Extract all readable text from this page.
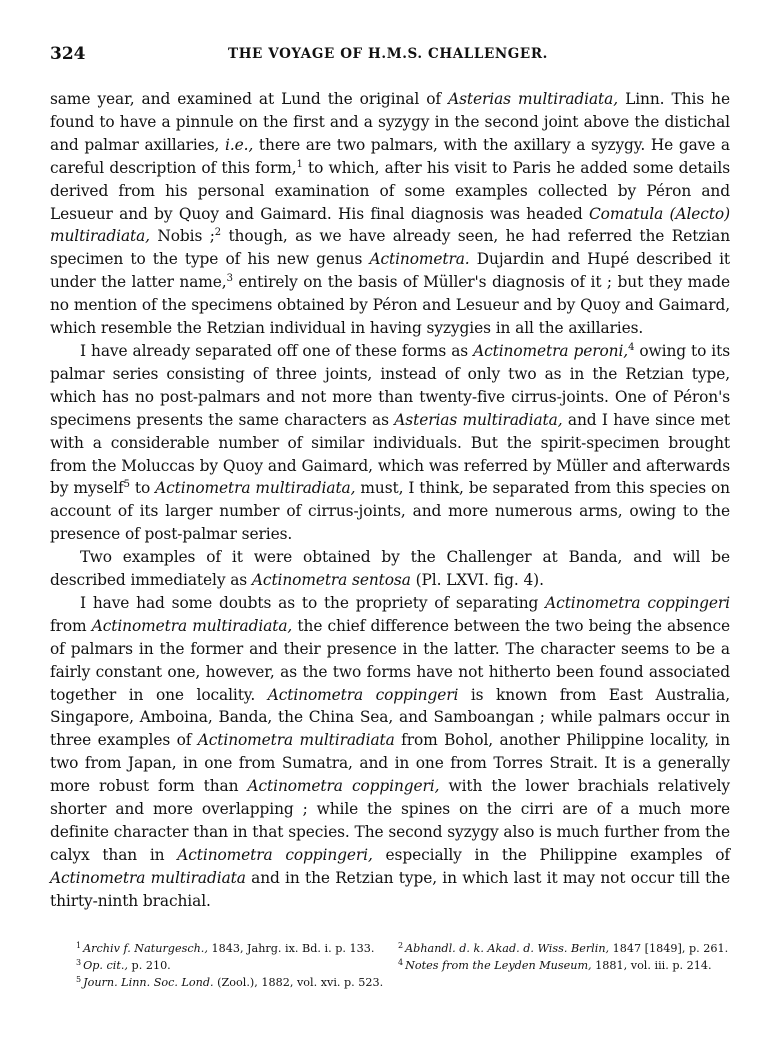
324	THE VOYAGE OF H.M.S. CHALLENGER.

same year, and examined at Lund the original of Asterias multiradiata, Linn. This he found to have a pinnule on the first and a syzygy in the second joint above the distichal and palmar axillaries, i.e., there are two palmars, with the axillary a syzygy. He gave a careful description of this form,$^1$ to which, after his visit to Paris he added some details derived from his personal examination of some examples collected by Péron and Lesueur and by Quoy and Gaimard. His final diagnosis was headed Comatula (Alecto) multiradiata, Nobis ;$^2$ though, as we have already seen, he had referred the Retzian specimen to the type of his new genus Actinometra. Dujardin and Hupé described it under the latter name,$^3$ entirely on the basis of Müller's diagnosis of it ; but they made no mention of the specimens obtained by Péron and Lesueur and by Quoy and Gaimard, which resemble the Retzian individual in having syzygies in all the axillaries.

I have already separated off one of these forms as Actinometra peroni,$^4$ owing to its palmar series consisting of three joints, instead of only two as in the Retzian type, which has no post-palmars and not more than twenty-five cirrus-joints. One of Péron's specimens presents the same characters as Asterias multiradiata, and I have since met with a considerable number of similar individuals. But the spirit-specimen brought from the Moluccas by Quoy and Gaimard, which was referred by Müller and afterwards by myself$^5$ to Actinometra multiradiata, must, I think, be separated from this species on account of its larger number of cirrus-joints, and more numerous arms, owing to the presence of post-palmar series.

Two examples of it were obtained by the Challenger at Banda, and will be described immediately as Actinometra sentosa (Pl. LXVI. fig. 4).

I have had some doubts as to the propriety of separating Actinometra coppingeri from Actinometra multiradiata, the chief difference between the two being the absence of palmars in the former and their presence in the latter. The character seems to be a fairly constant one, however, as the two forms have not hitherto been found associated together in one locality. Actinometra coppingeri is known from East Australia, Singapore, Amboina, Banda, the China Sea, and Samboangan ; while palmars occur in three examples of Actinometra multiradiata from Bohol, another Philippine locality, in two from Japan, in one from Sumatra, and in one from Torres Strait. It is a generally more robust form than Actinometra coppingeri, with the lower brachials relatively shorter and more overlapping ; while the spines on the cirri are of a much more definite character than in that species. The second syzygy also is much further from the calyx than in Actinometra coppingeri, especially in the Philippine examples of Actinometra multiradiata and in the Retzian type, in which last it may not occur till the thirty-ninth brachial.

$^1$ Archiv f. Naturgesch., 1843, Jahrg. ix. Bd. i. p. 133.	$^2$ Abhandl. d. k. Akad. d. Wiss. Berlin, 1847 [1849], p. 261.
$^3$ Op. cit., p. 210.	$^4$ Notes from the Leyden Museum, 1881, vol. iii. p. 214.
$^5$ Journ. Linn. Soc. Lond. (Zool.), 1882, vol. xvi. p. 523.
